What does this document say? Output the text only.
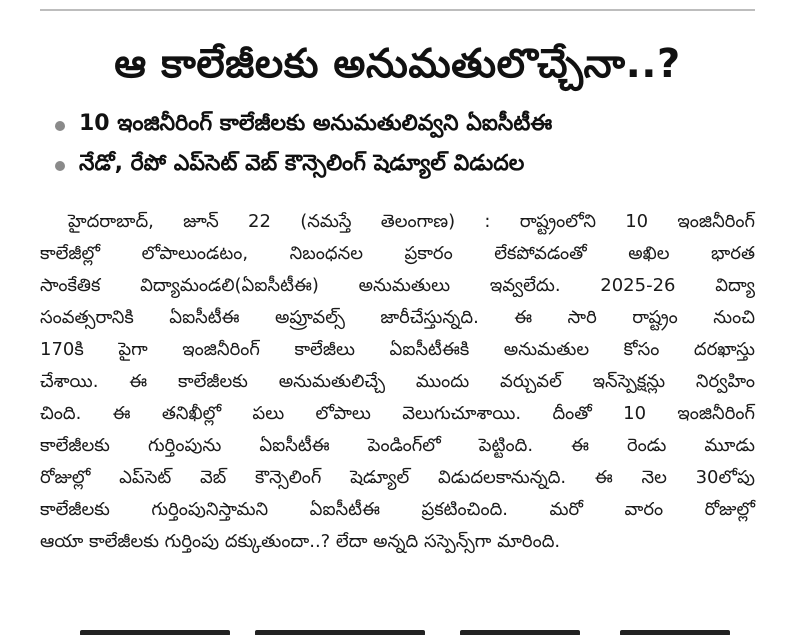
ఆ కాలేజీలకు అనుమతులొచ్చేనా..?
10 ఇంజినీరింగ్ కాలేజీలకు అనుమతులివ్వని ఏఐసీటీఈ
నేడో, రేపో ఎప్‌సెట్ వెబ్ కౌన్సెలింగ్ షెడ్యూల్ విడుదల
హైదరాబాద్, జూన్ 22 (నమస్తే తెలంగాణ) : రాష్ట్రంలోని 10 ఇంజినీరింగ్
కాలేజీల్లో లోపాలుండటం, నిబంధనల ప్రకారం లేకపోవడంతో అఖిల భారత
సాంకేతిక విద్యామండలి(ఏఐసీటీఈ) అనుమతులు ఇవ్వలేదు. 2025-26 విద్యా
సంవత్సరానికి ఏఐసీటీఈ అప్రూవల్స్ జారీచేస్తున్నది. ఈ సారి రాష్ట్రం నుంచి
170కి పైగా ఇంజినీరింగ్ కాలేజీలు ఏఐసీటీఈకి అనుమతుల కోసం దరఖాస్తు
చేశాయి. ఈ కాలేజీలకు అనుమతులిచ్చే ముందు వర్చువల్ ఇన్‌స్పెక్షన్లు నిర్వహిం
చింది. ఈ తనిఖీల్లో పలు లోపాలు వెలుగుచూశాయి. దీంతో 10 ఇంజినీరింగ్
కాలేజీలకు గుర్తింపును ఏఐసీటీఈ పెండింగ్‌లో పెట్టింది. ఈ రెండు మూడు
రోజుల్లో ఎప్‌సెట్ వెబ్ కౌన్సెలింగ్ షెడ్యూల్ విడుదలకానున్నది. ఈ నెల 30లోపు
కాలేజీలకు గుర్తింపునిస్తామని ఏఐసీటీఈ ప్రకటించింది. మరో వారం రోజుల్లో
ఆయా కాలేజీలకు గుర్తింపు దక్కుతుందా..? లేదా అన్నది సస్పెన్స్‌గా మారింది.
